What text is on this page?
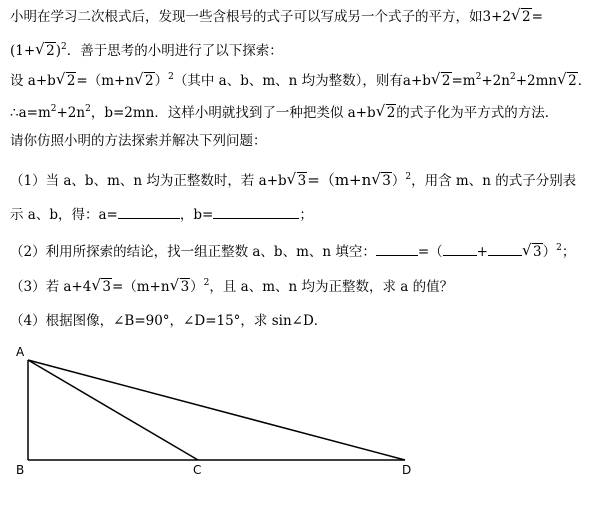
小明在学习二次根式后，发现一些含根号的式子可以写成另一个式子的平方，如3+2√ 2=
(1+√ 2)$^2$．善于思考的小明进行了以下探索：
设 a+b√ 2=（m+n√ 2）$^2$（其中 a、b、m、n 均为整数），则有a+b√ $2=m^2+2n^2+2mn√$ 2．
$\therefore a=m^2+2n^2$，b=2mn．这样小明就找到了一种把类似 a+b√ 2的式子化为平方式的方法．
请你仿照小明的方法探索并解决下列问题：
（1）当 a、b、m、n 均为正整数时，若 a+b√ 3=（m+n√ 3）$^2$，用含 m、n 的式子分别表
示 a、b，得：a=	，b=	；
（2）利用所探索的结论，找一组正整数 a、b、m、n 填空：	=（	+√	3）$^2$；
（3）若 a+4√ 3=（m+n√ 3）$^2$，且 a、m、n 均为正整数，求 a 的值？
（4）根据图像，∠B=90°，∠D=15°，求 sin∠D．
A
B	C	D
